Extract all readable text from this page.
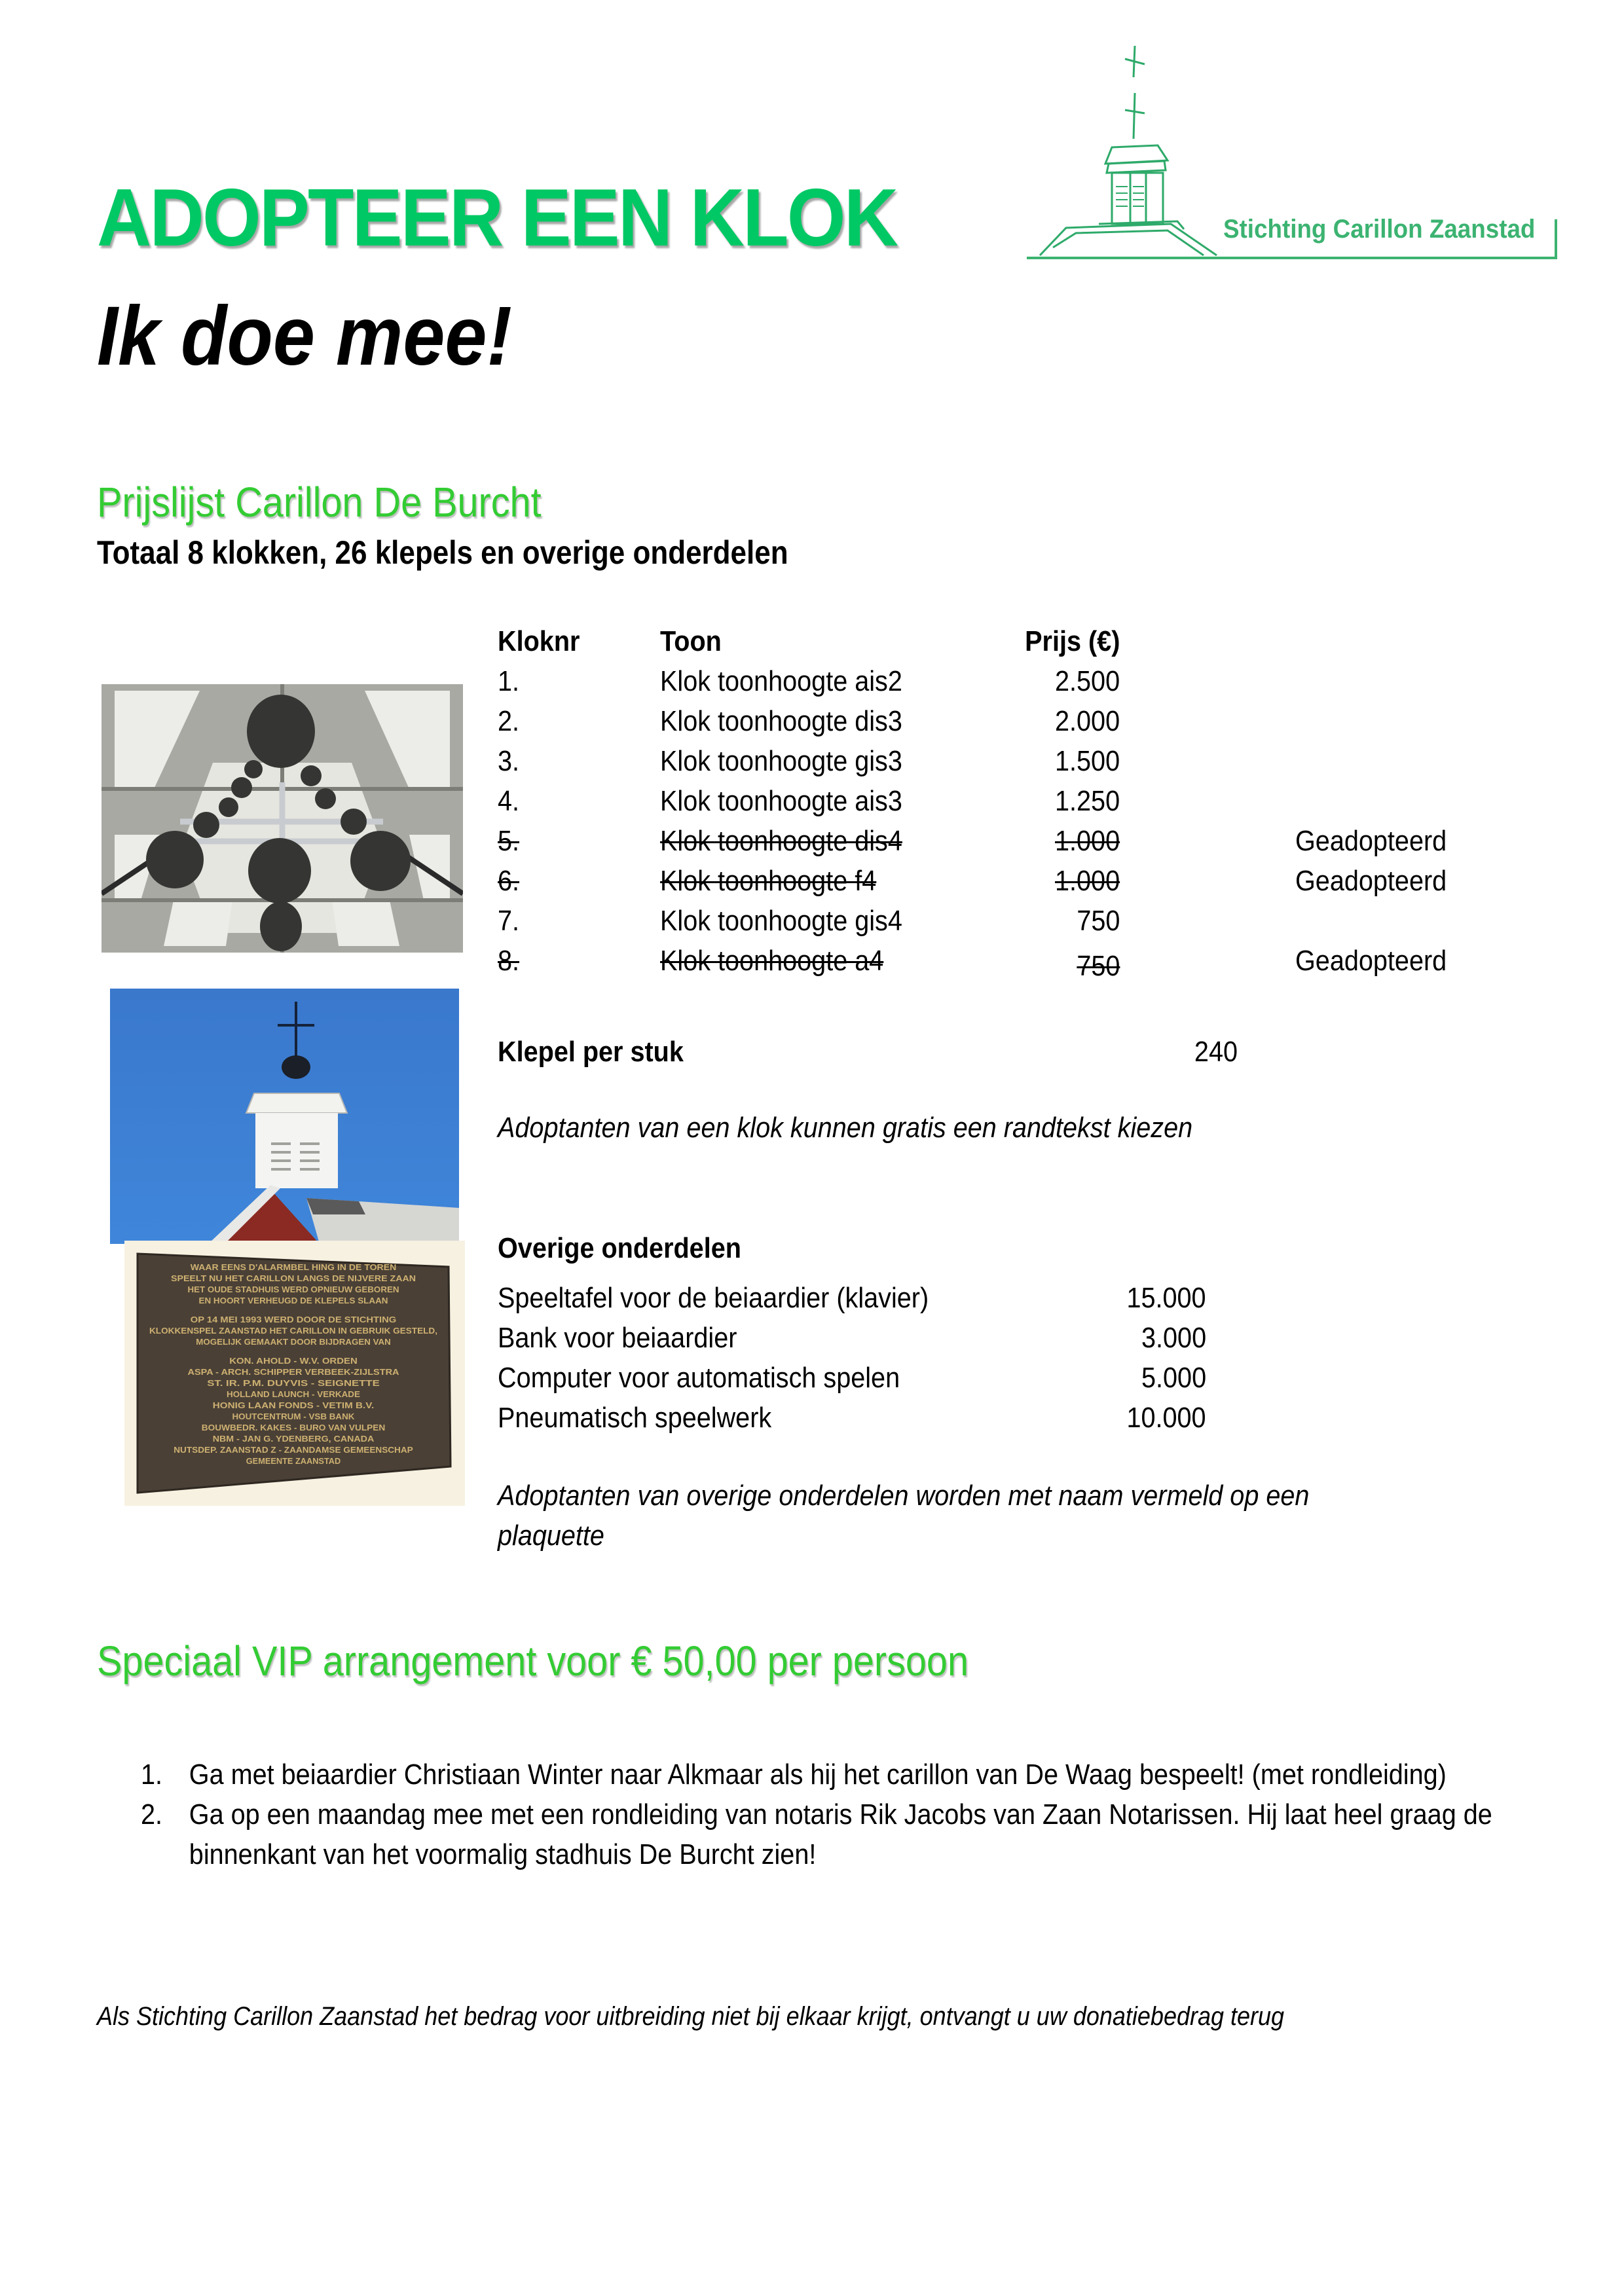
ADOPTEER EEN KLOK
Ik doe mee!
Stichting Carillon Zaanstad
Prijslijst Carillon De Burcht
Totaal 8 klokken, 26 klepels en overige onderdelen
WAAR EENS D'ALARMBEL HING IN DE TOREN
SPEELT NU HET CARILLON LANGS DE NIJVERE ZAAN
HET OUDE STADHUIS WERD OPNIEUW GEBOREN
EN HOORT VERHEUGD DE KLEPELS SLAAN
OP 14 MEI 1993 WERD DOOR DE STICHTING
KLOKKENSPEL ZAANSTAD HET CARILLON IN GEBRUIK GESTELD,
MOGELIJK GEMAAKT DOOR BIJDRAGEN VAN
KON. AHOLD - W.V. ORDEN
ASPA - ARCH. SCHIPPER VERBEEK-ZIJLSTRA
ST. IR. P.M. DUYVIS - SEIGNETTE
HOLLAND LAUNCH - VERKADE
HONIG LAAN FONDS - VETIM B.V.
HOUTCENTRUM - VSB BANK
BOUWBEDR. KAKES - BURO VAN VULPEN
NBM - JAN G. YDENBERG, CANADA
NUTSDEP. ZAANSTAD Z - ZAANDAMSE GEMEENSCHAP
GEMEENTE ZAANSTAD
Kloknr	Toon	Prijs (€)
1.	Klok toonhoogte ais2	2.500
2.	Klok toonhoogte dis3	2.000
3.	Klok toonhoogte gis3	1.500
4.	Klok toonhoogte ais3	1.250
5.	Klok toonhoogte dis4	1.000	Geadopteerd
6.	Klok toonhoogte f4	1.000	Geadopteerd
7.	Klok toonhoogte gis4	750
8.	Klok toonhoogte a4	750	Geadopteerd
Klepel per stuk	240
Adoptanten van een klok kunnen gratis een randtekst kiezen
Overige onderdelen
Speeltafel voor de beiaardier (klavier)	15.000
Bank voor beiaardier	3.000
Computer voor automatisch spelen	5.000
Pneumatisch speelwerk	10.000
Adoptanten van overige onderdelen worden met naam vermeld op een
plaquette
Speciaal VIP arrangement voor € 50,00 per persoon
1. Ga met beiaardier Christiaan Winter naar Alkmaar als hij het carillon van De Waag bespeelt! (met rondleiding)
2. Ga op een maandag mee met een rondleiding van notaris Rik Jacobs van Zaan Notarissen. Hij laat heel graag de binnenkant van het voormalig stadhuis De Burcht zien!
Als Stichting Carillon Zaanstad het bedrag voor uitbreiding niet bij elkaar krijgt, ontvangt u uw donatiebedrag terug
